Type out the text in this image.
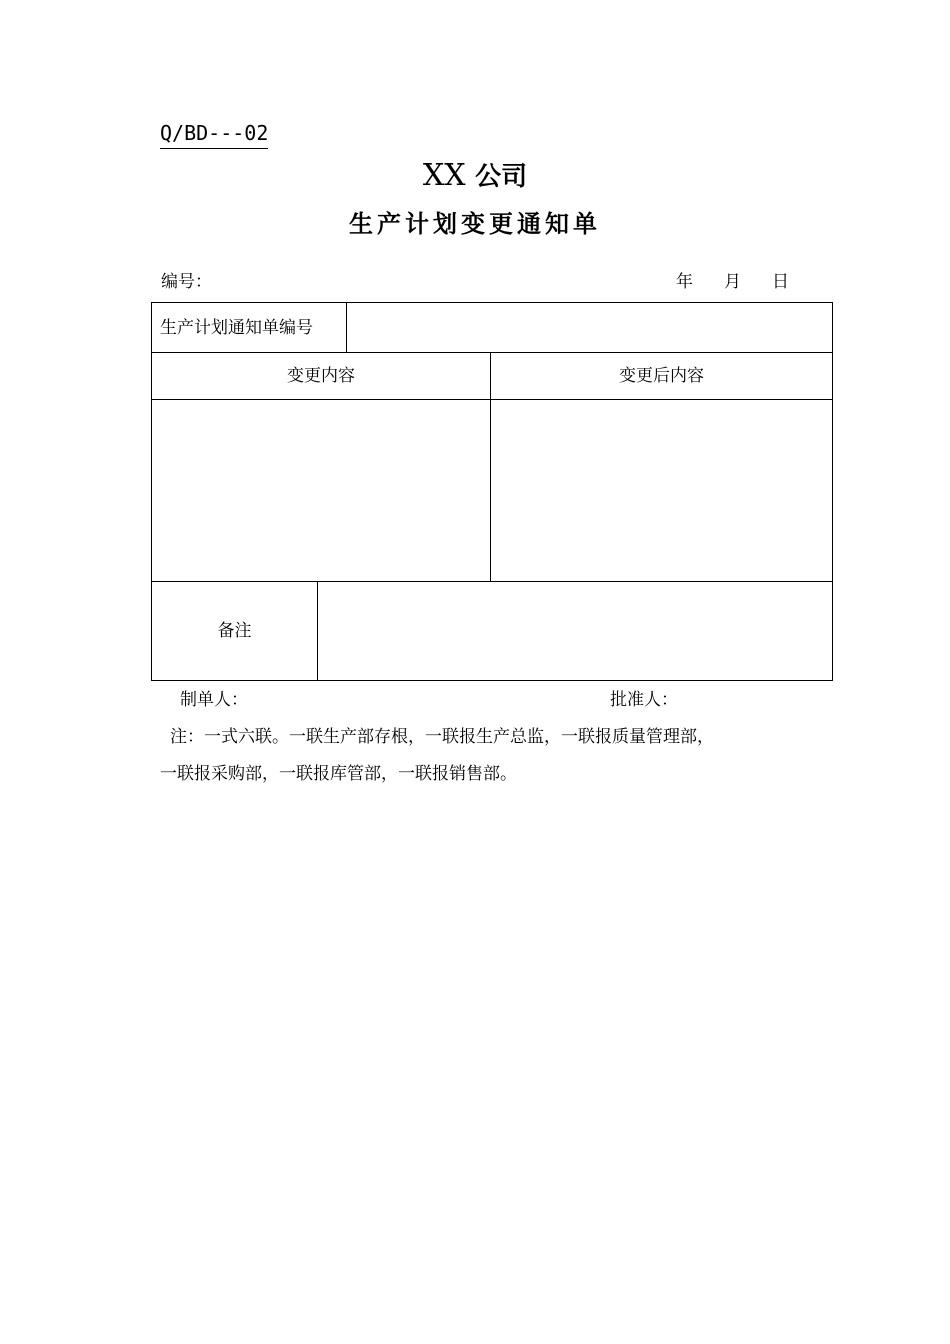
Q/BD---02
XX 公司
生产计划变更通知单
编号：	年 月 日
生产计划通知单编号			
变更内容			变更后内容

备注			
制单人：	批准人：
注：一式六联。一联生产部存根，一联报生产总监，一联报质量管理部，
一联报采购部，一联报库管部，一联报销售部。
